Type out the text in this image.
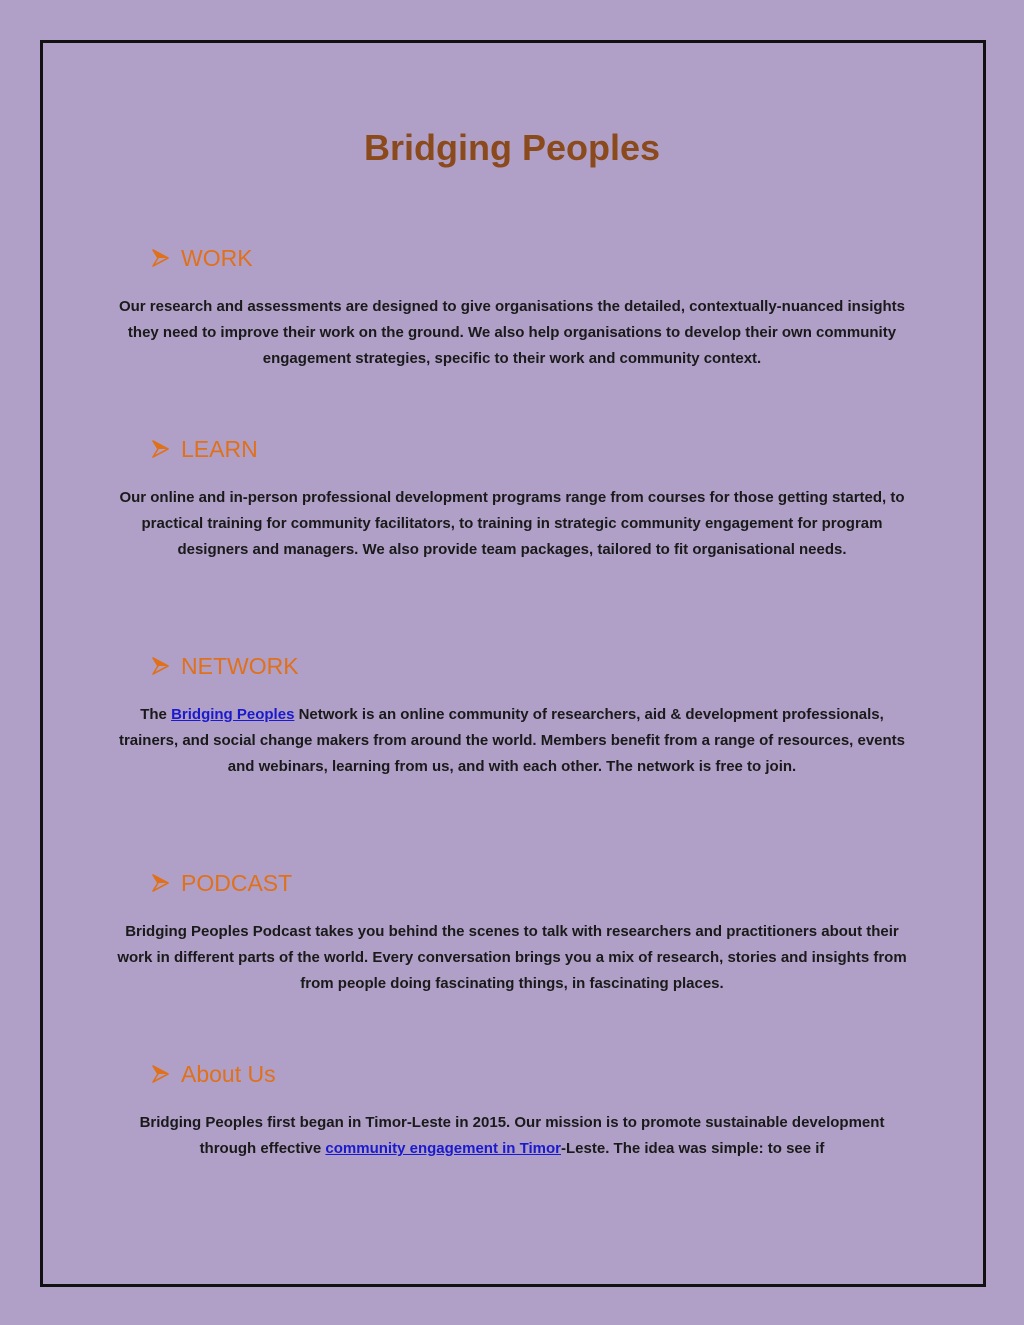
Bridging Peoples
WORK

Our research and assessments are designed to give organisations the detailed, contextually-nuanced insights they need to improve their work on the ground. We also help organisations to develop their own community engagement strategies, specific to their work and community context.

LEARN

Our online and in-person professional development programs range from courses for those getting started, to practical training for community facilitators, to training in strategic community engagement for program designers and managers. We also provide team packages, tailored to fit organisational needs.

NETWORK

The Bridging Peoples Network is an online community of researchers, aid & development professionals, trainers, and social change makers from around the world. Members benefit from a range of resources, events and webinars, learning from us, and with each other. The network is free to join.

PODCAST

Bridging Peoples Podcast takes you behind the scenes to talk with researchers and practitioners about their work in different parts of the world. Every conversation brings you a mix of research, stories and insights from from people doing fascinating things, in fascinating places.

About Us

Bridging Peoples first began in Timor-Leste in 2015. Our mission is to promote sustainable development through effective community engagement in Timor-Leste. The idea was simple: to see if
